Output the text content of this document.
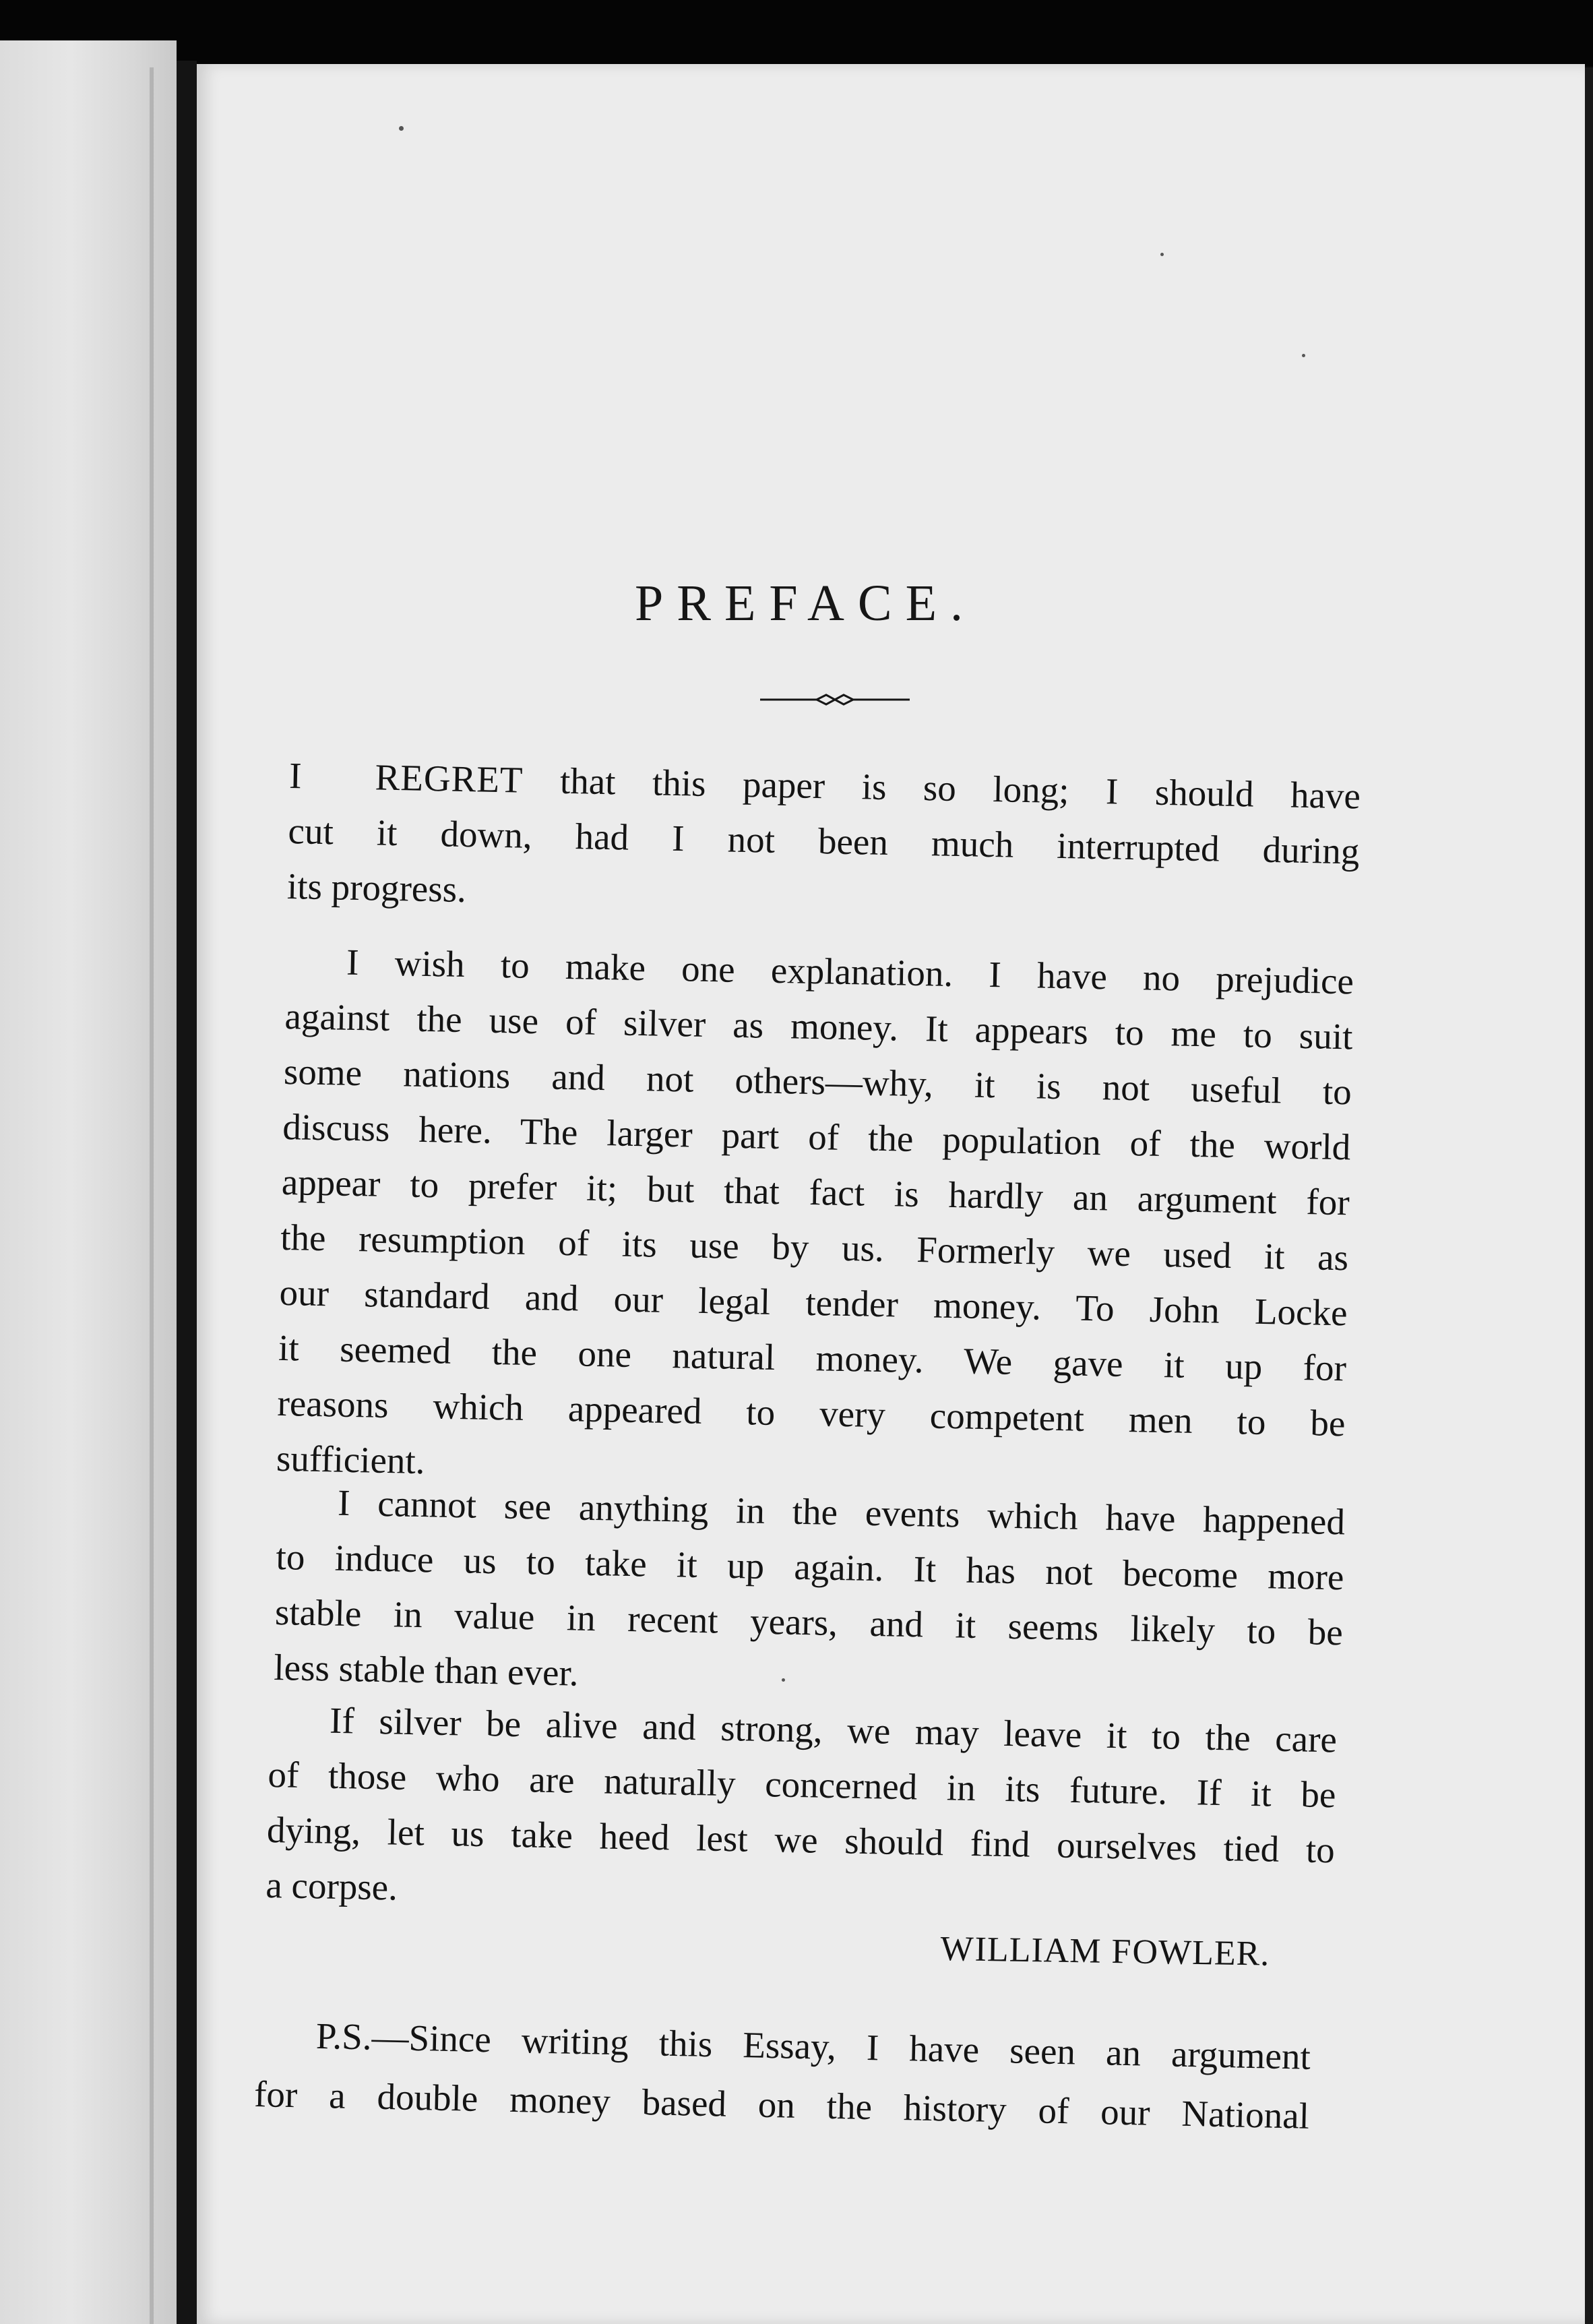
PREFACE.
I REGRET that this paper is so long; I should have
cut it down, had I not been much interrupted during
its progress.
I wish to make one explanation. I have no prejudice
against the use of silver as money. It appears to me to suit
some nations and not others—why, it is not useful to
discuss here. The larger part of the population of the world
appear to prefer it; but that fact is hardly an argument for
the resumption of its use by us. Formerly we used it as
our standard and our legal tender money. To John Locke
it seemed the one natural money. We gave it up for
reasons which appeared to very competent men to be
sufficient.
I cannot see anything in the events which have happened
to induce us to take it up again. It has not become more
stable in value in recent years, and it seems likely to be
less stable than ever.
If silver be alive and strong, we may leave it to the care
of those who are naturally concerned in its future. If it be
dying, let us take heed lest we should find ourselves tied to
a corpse.
WILLIAM FOWLER.
P.S.—Since writing this Essay, I have seen an argument
for a double money based on the history of our National
